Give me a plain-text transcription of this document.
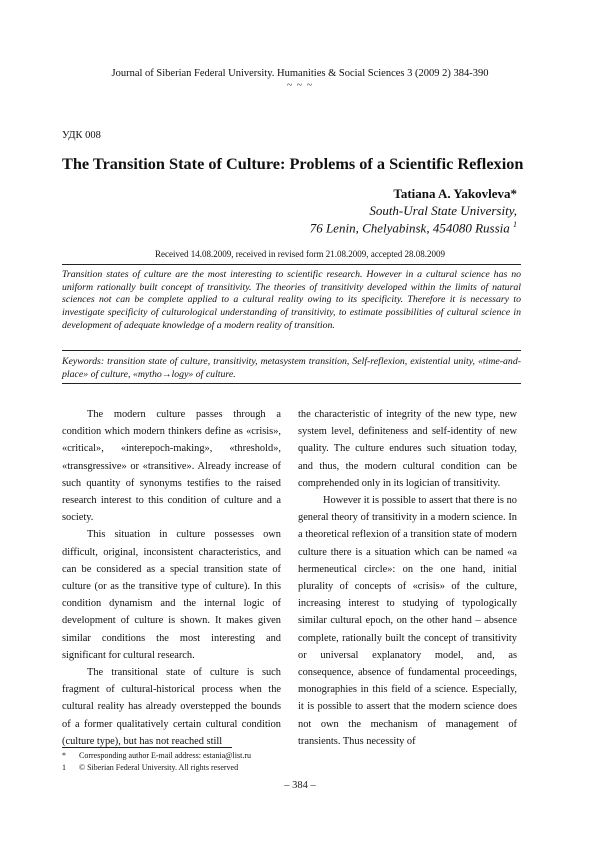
Journal of Siberian Federal University. Humanities & Social Sciences 3 (2009 2) 384-390
~ ~ ~
УДК 008
The Transition State of Culture: Problems of a Scientific Reflexion
Tatiana A. Yakovleva*
South-Ural State University,
76 Lenin, Chelyabinsk, 454080 Russia $^1$
Received 14.08.2009, received in revised form 21.08.2009, accepted 28.08.2009
Transition states of culture are the most interesting to scientific research. However in a cultural science has no uniform rationally built concept of transitivity. The theories of transitivity developed within the limits of natural sciences not can be complete applied to a cultural reality owing to its specificity. Therefore it is necessary to investigate specificity of culturological understanding of transitivity, to estimate possibilities of cultural science in development of adequate knowledge of a modern reality of transition.
Keywords: transition state of culture, transitivity, metasystem transition, Self-reflexion, existential unity, «time-and-place» of culture, «mytho→logy» of culture.

The modern culture passes through a condition which modern thinkers define as «crisis», «critical», «interepoch-making», «threshold», «transgressive» or «transitive». Already increase of such quantity of synonyms testifies to the raised research interest to this condition of culture and a society.

This situation in culture possesses own difficult, original, inconsistent characteristics, and can be considered as a special transition state of culture (or as the transitive type of culture). In this condition dynamism and the internal logic of development of culture is shown. It makes given similar conditions the most interesting and significant for cultural research.

The transitional state of culture is such fragment of cultural-historical process when the cultural reality has already overstepped the bounds of a former qualitatively certain cultural condition (culture type), but has not reached still

the characteristic of integrity of the new type, new system level, definiteness and self-identity of new quality. The culture endures such situation today, and thus, the modern cultural condition can be comprehended only in its logician of transitivity.

However it is possible to assert that there is no general theory of transitivity in a modern science. In a theoretical reflexion of a transition state of modern culture there is a situation which can be named «a hermeneutical circle»: on the one hand, initial plurality of concepts of «crisis» of the culture, increasing interest to studying of typologically similar cultural epoch, on the other hand – absence complete, rationally built the concept of transitivity or universal explanatory model, and, as consequence, absence of fundamental proceedings, monographies in this field of a science. Especially, it is possible to assert that the modern science does not own the mechanism of management of transients. Thus necessity of

* Corresponding author E-mail address: estania@list.ru
1 © Siberian Federal University. All rights reserved
– 384 –
